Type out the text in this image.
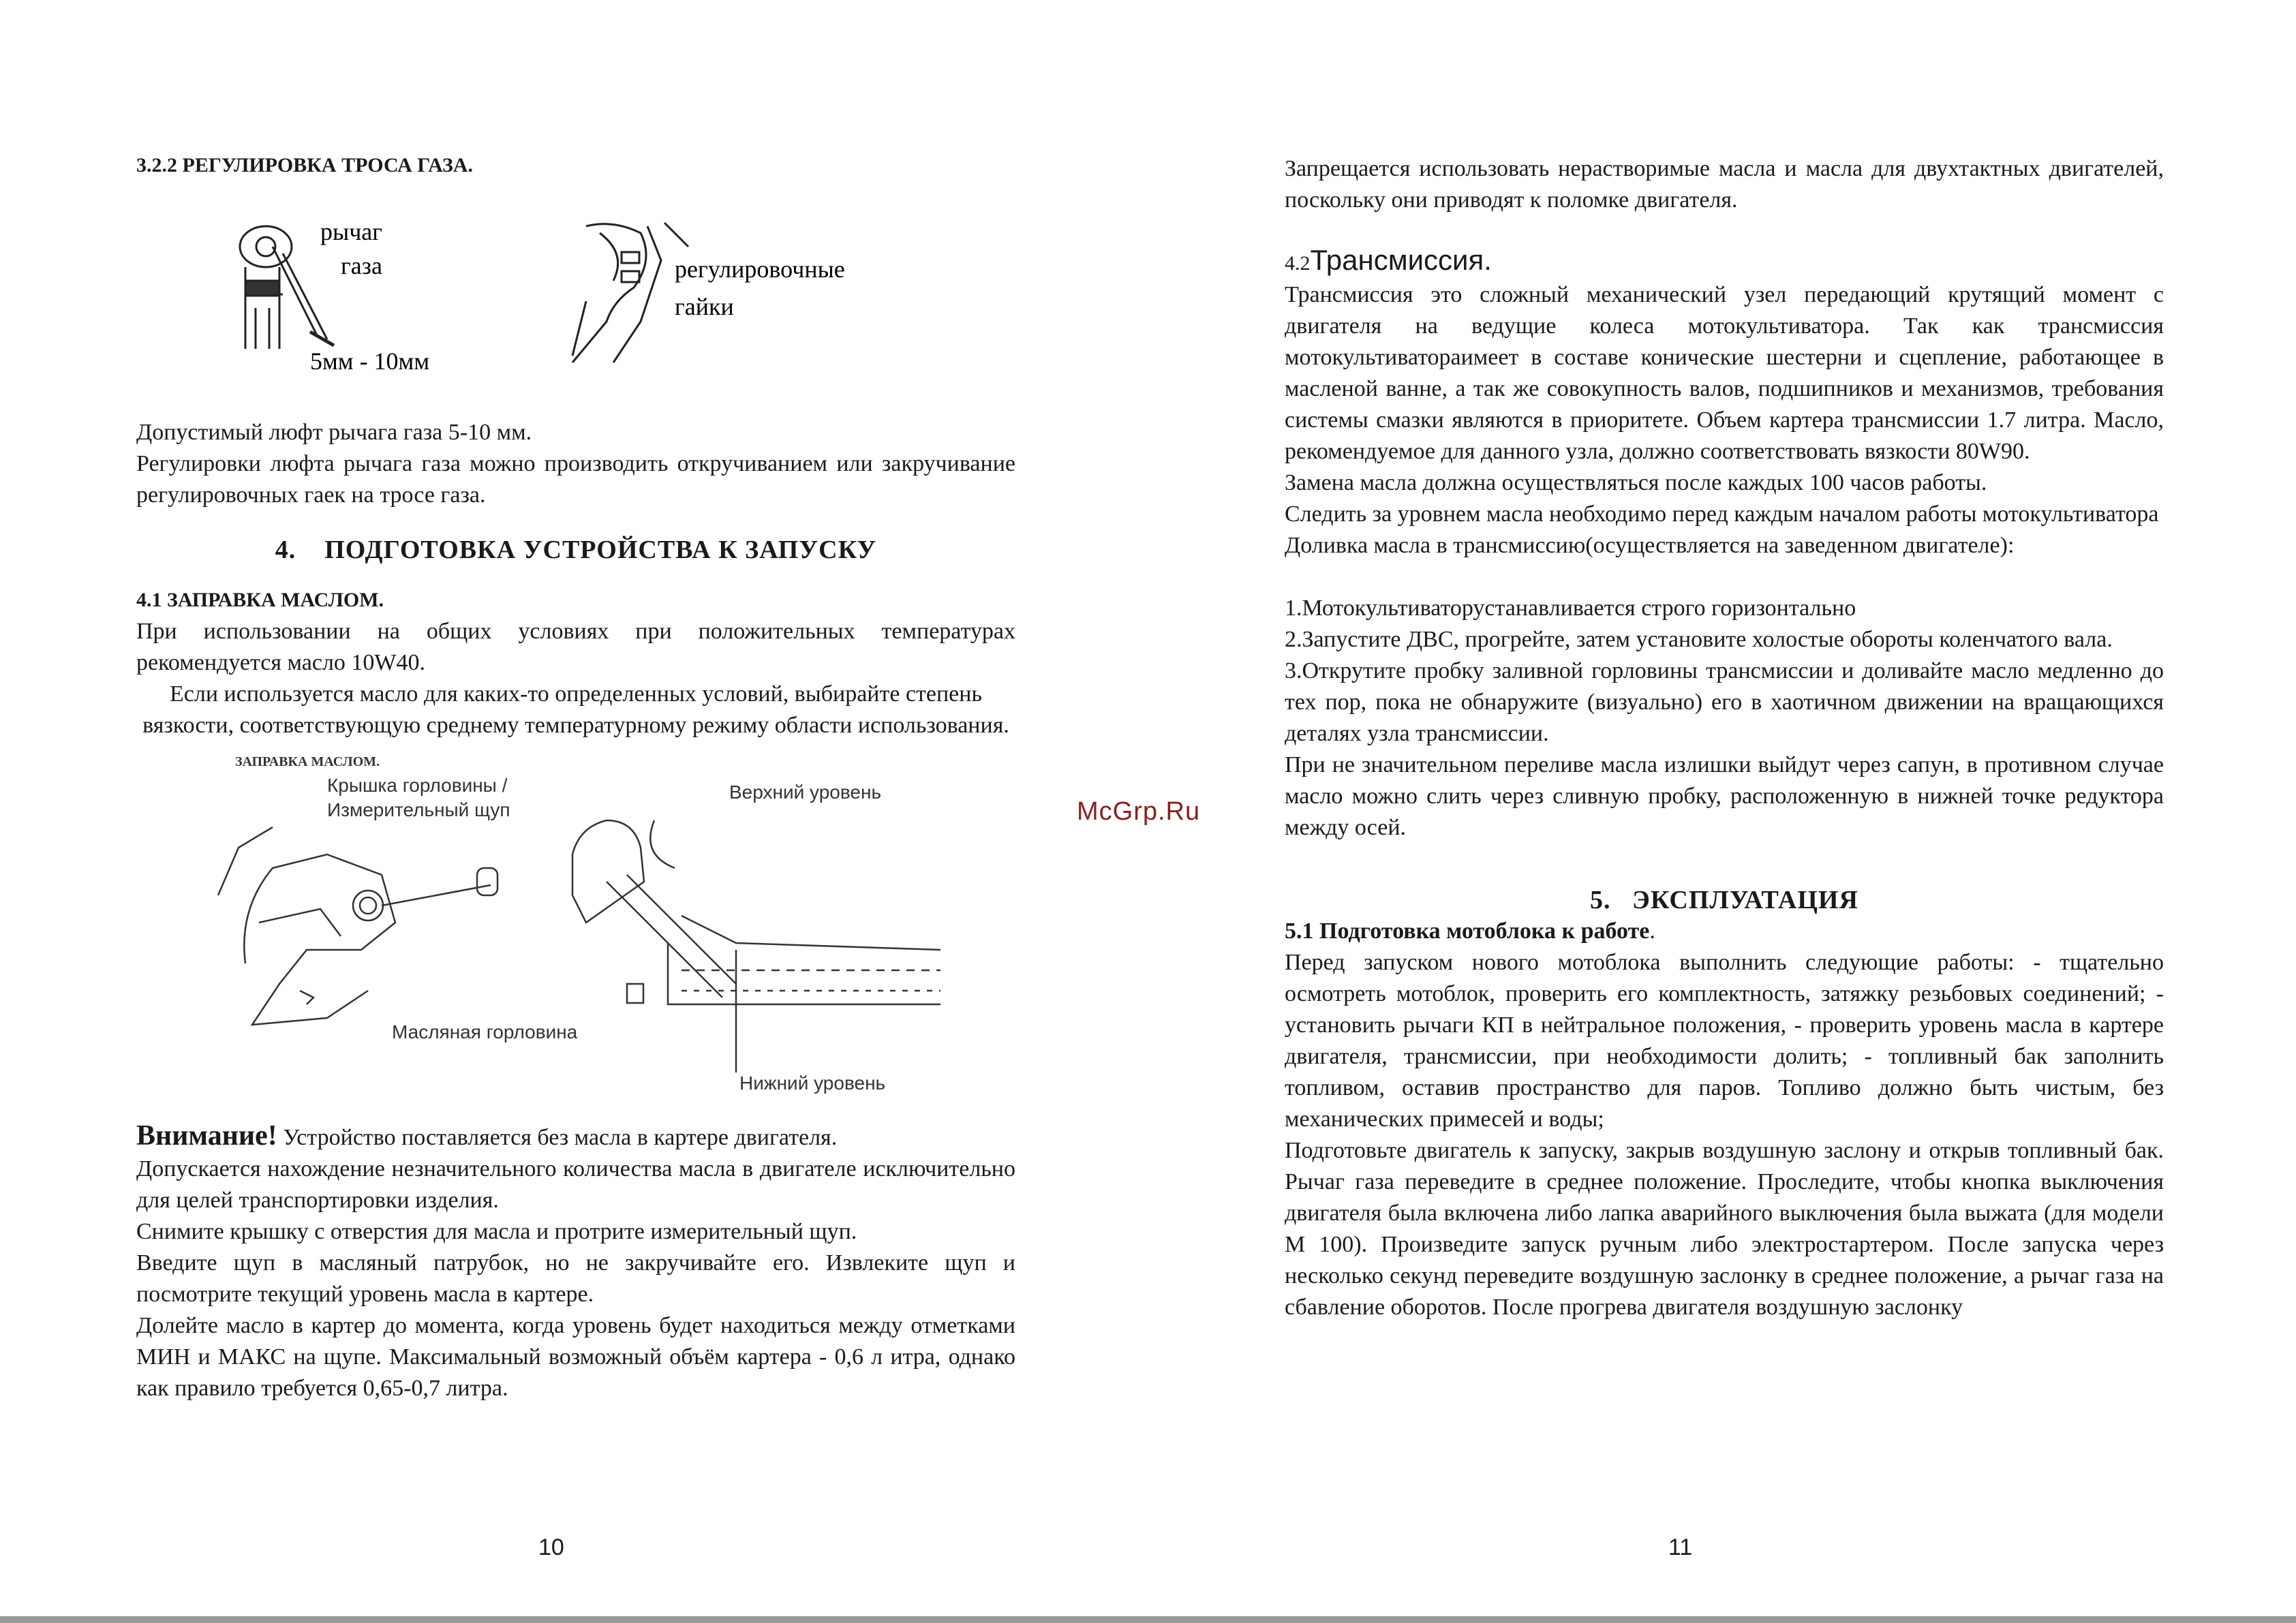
3.2.2 РЕГУЛИРОВКА ТРОСА ГАЗА.

рычаг
газа
5мм - 10мм
регулировочные
гайки

Допустимый люфт рычага газа 5-10 мм.

Регулировки люфта рычага газа можно производить откручиванием или закручивание регулировочных гаек на тросе газа.

4. ПОДГОТОВКА УСТРОЙСТВА К ЗАПУСКУ

4.1 ЗАПРАВКА МАСЛОМ.

При использовании на общих условиях при положительных температурах рекомендуется масло 10W40.

Если используется масло для каких-то определенных условий, выбирайте степень вязкости, соответствующую среднему температурному режиму области использования.

ЗАПРАВКА МАСЛОМ.
Крышка горловины /
Измерительный щуп
Верхний уровень
Масляная горловина
Нижний уровень

Внимание! Устройство поставляется без масла в картере двигателя.

Допускается нахождение незначительного количества масла в двигателе исключительно для целей транспортировки изделия.

Снимите крышку с отверстия для масла и протрите измерительный щуп.

Введите щуп в масляный патрубок, но не закручивайте его. Извлеките щуп и посмотрите текущий уровень масла в картере.

Долейте масло в картер до момента, когда уровень будет находиться между отметками МИН и МАКС на щупе. Максимальный возможный объём картера - 0,6 л итра, однако как правило требуется 0,65-0,7 литра.

10
McGrp.Ru

Запрещается использовать нерастворимые масла и масла для двухтактных двигателей, поскольку они приводят к поломке двигателя.

4.2Трансмиссия.

Трансмиссия это сложный механический узел передающий крутящий момент с двигателя на ведущие колеса мотокультиватора. Так как трансмиссия мотокультиватораимеет в составе конические шестерни и сцепление, работающее в масленой ванне, а так же совокупность валов, подшипников и механизмов, требования системы смазки являются в приоритете. Объем картера трансмиссии 1.7 литра. Масло, рекомендуемое для данного узла, должно соответствовать вязкости 80W90.

Замена масла должна осуществляться после каждых 100 часов работы.

Следить за уровнем масла необходимо перед каждым началом работы мотокультиватора

Доливка масла в трансмиссию(осуществляется на заведенном двигателе):

1.Мотокультиваторустанавливается строго горизонтально

2.Запустите ДВС, прогрейте, затем установите холостые обороты коленчатого вала.

3.Открутите пробку заливной горловины трансмиссии и доливайте масло медленно до тех пор, пока не обнаружите (визуально) его в хаотичном движении на вращающихся деталях узла трансмиссии.

При не значительном переливе масла излишки выйдут через сапун, в противном случае масло можно слить через сливную пробку, расположенную в нижней точке редуктора между осей.

5. ЭКСПЛУАТАЦИЯ

5.1 Подготовка мотоблока к работе.

Перед запуском нового мотоблока выполнить следующие работы: - тщательно осмотреть мотоблок, проверить его комплектность, затяжку резьбовых соединений; - установить рычаги КП в нейтральное положения, - проверить уровень масла в картере двигателя, трансмиссии, при необходимости долить; - топливный бак заполнить топливом, оставив пространство для паров. Топливо должно быть чистым, без механических примесей и воды;

Подготовьте двигатель к запуску, закрыв воздушную заслону и открыв топливный бак. Рычаг газа переведите в среднее положение. Проследите, чтобы кнопка выключения двигателя была включена либо лапка аварийного выключения была выжата (для модели М 100). Произведите запуск ручным либо электростартером. После запуска через несколько секунд переведите воздушную заслонку в среднее положение, а рычаг газа на сбавление оборотов. После прогрева двигателя воздушную заслонку

11
